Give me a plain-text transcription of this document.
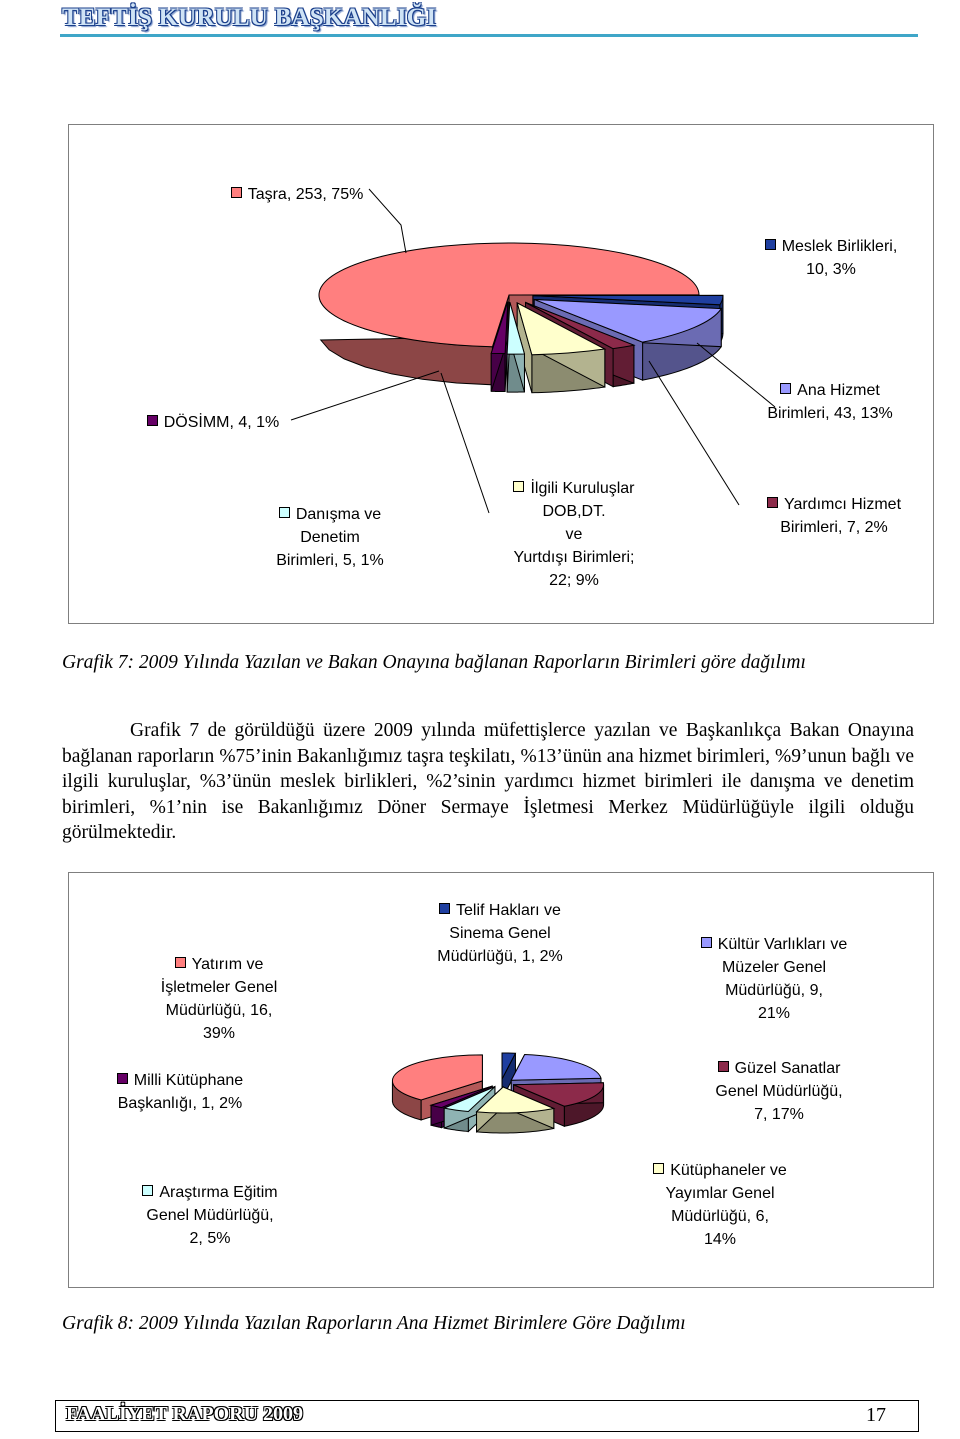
TEFTİŞ KURULU BAŞKANLIĞI
Taşra, 253, 75%
Meslek Birlikleri,
10, 3%
Ana Hizmet
Birimleri, 43, 13%
DÖSİMM, 4, 1%
İlgili Kuruluşlar
DOB,DT.
ve
Yurtdışı Birimleri;
22; 9%
Danışma ve
Denetim
Birimleri, 5, 1%
Yardımcı Hizmet
Birimleri, 7, 2%
Grafik 7: 2009 Yılında Yazılan ve Bakan Onayına bağlanan Raporların Birimleri göre dağılımı
Grafik 7 de görüldüğü üzere 2009 yılında müfettişlerce yazılan ve Başkanlıkça Bakan Onayına bağlanan raporların %75’inin Bakanlığımız taşra teşkilatı, %13’ünün ana hizmet birimleri, %9’unun bağlı ve ilgili kuruluşlar, %3’ünün meslek birlikleri, %2’sinin yardımcı hizmet birimleri ile danışma ve denetim birimleri, %1’nin ise Bakanlığımız Döner Sermaye İşletmesi Merkez Müdürlüğüyle ilgili olduğu görülmektedir.
Telif Hakları ve
Sinema Genel
Müdürlüğü, 1, 2%
Yatırım ve
İşletmeler Genel
Müdürlüğü, 16,
39%
Kültür Varlıkları ve
Müzeler Genel
Müdürlüğü, 9,
21%
Milli Kütüphane
Başkanlığı, 1, 2%
Güzel Sanatlar
Genel Müdürlüğü,
7, 17%
Araştırma Eğitim
Genel Müdürlüğü,
2, 5%
Kütüphaneler ve
Yayımlar Genel
Müdürlüğü, 6,
14%
Grafik 8: 2009 Yılında Yazılan Raporların Ana Hizmet Birimlere Göre Dağılımı
FAALİYET RAPORU 2009	17
